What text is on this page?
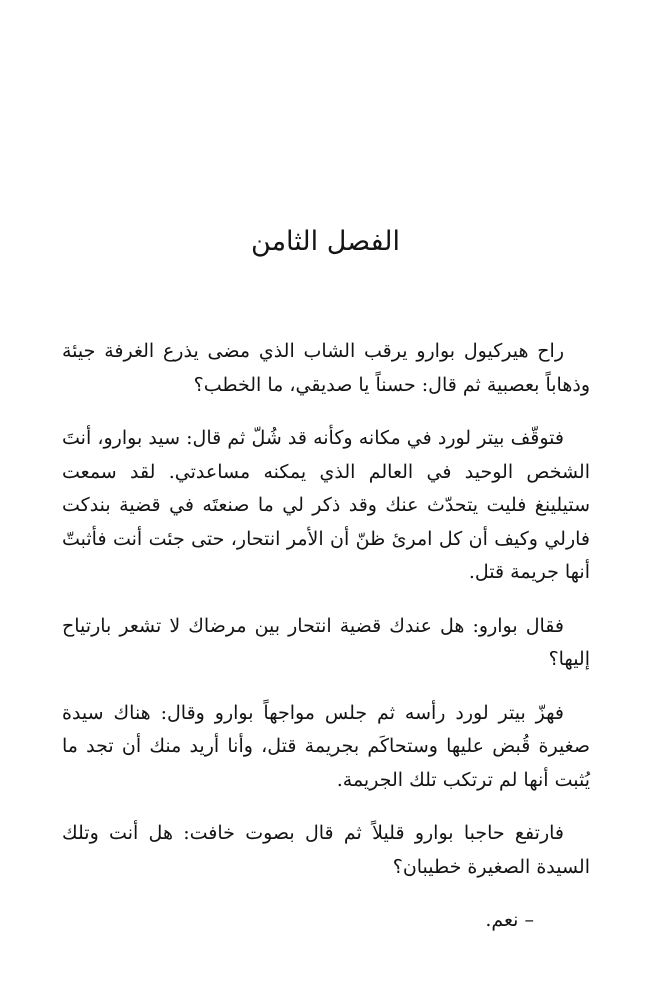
الفصل الثامن

راح هيركيول بوارو يرقب الشاب الذي مضى يذرع الغرفة جيئة وذهاباً بعصبية ثم قال: حسناً يا صديقي، ما الخطب؟

فتوقّف بيتر لورد في مكانه وكأنه قد شُلّ ثم قال: سيد بوارو، أنتَ الشخص الوحيد في العالم الذي يمكنه مساعدتي. لقد سمعت ستيلينغ فليت يتحدّث عنك وقد ذكر لي ما صنعتَه في قضية بندكت فارلي وكيف أن كل امرئ ظنّ أن الأمر انتحار، حتى جئت أنت فأثبتّ أنها جريمة قتل.

فقال بوارو: هل عندك قضية انتحار بين مرضاك لا تشعر بارتياح إليها؟

فهزّ بيتر لورد رأسه ثم جلس مواجهاً بوارو وقال: هناك سيدة صغيرة قُبض عليها وستحاكَم بجريمة قتل، وأنا أريد منك أن تجد ما يُثبت أنها لم ترتكب تلك الجريمة.

فارتفع حاجبا بوارو قليلاً ثم قال بصوت خافت: هل أنت وتلك السيدة الصغيرة خطيبان؟

– نعم.
